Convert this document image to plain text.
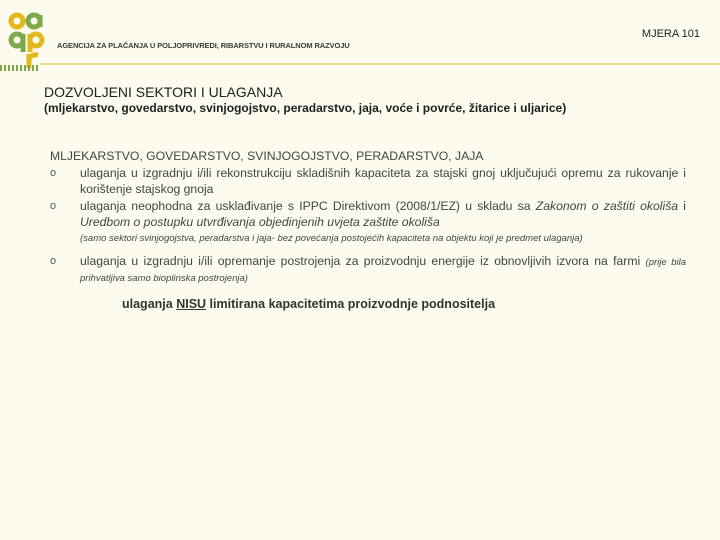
AGENCIJA ZA PLAĆANJA U POLJOPRIVREDI, RIBARSTVU I RURALNOM RAZVOJU
MJERA 101
DOZVOLJENI SEKTORI I ULAGANJA
(mljekarstvo, govedarstvo, svinjogojstvo, peradarstvo, jaja, voće i povrće, žitarice i uljarice)
MLJEKARSTVO, GOVEDARSTVO, SVINJOGOJSTVO, PERADARSTVO, JAJA
o ulaganja u izgradnju i/ili rekonstrukciju skladišnih kapaciteta za stajski gnoj uključujući opremu za rukovanje i korištenje stajskog gnoja
o ulaganja neophodna za usklađivanje s IPPC Direktivom (2008/1/EZ) u skladu sa Zakonom o zaštiti okoliša i Uredbom o postupku utvrđivanja objedinjenih uvjeta zaštite okoliša
(samo sektori svinjogojstva, peradarstva i jaja- bez povećanja postojećih kapaciteta na objektu koji je predmet ulaganja)
o ulaganja u izgradnju i/ili opremanje postrojenja za proizvodnju energije iz obnovljivih izvora na farmi (prije bila prihvatljiva samo bioplinska postrojenja)
ulaganja NISU limitirana kapacitetima proizvodnje podnositelja
